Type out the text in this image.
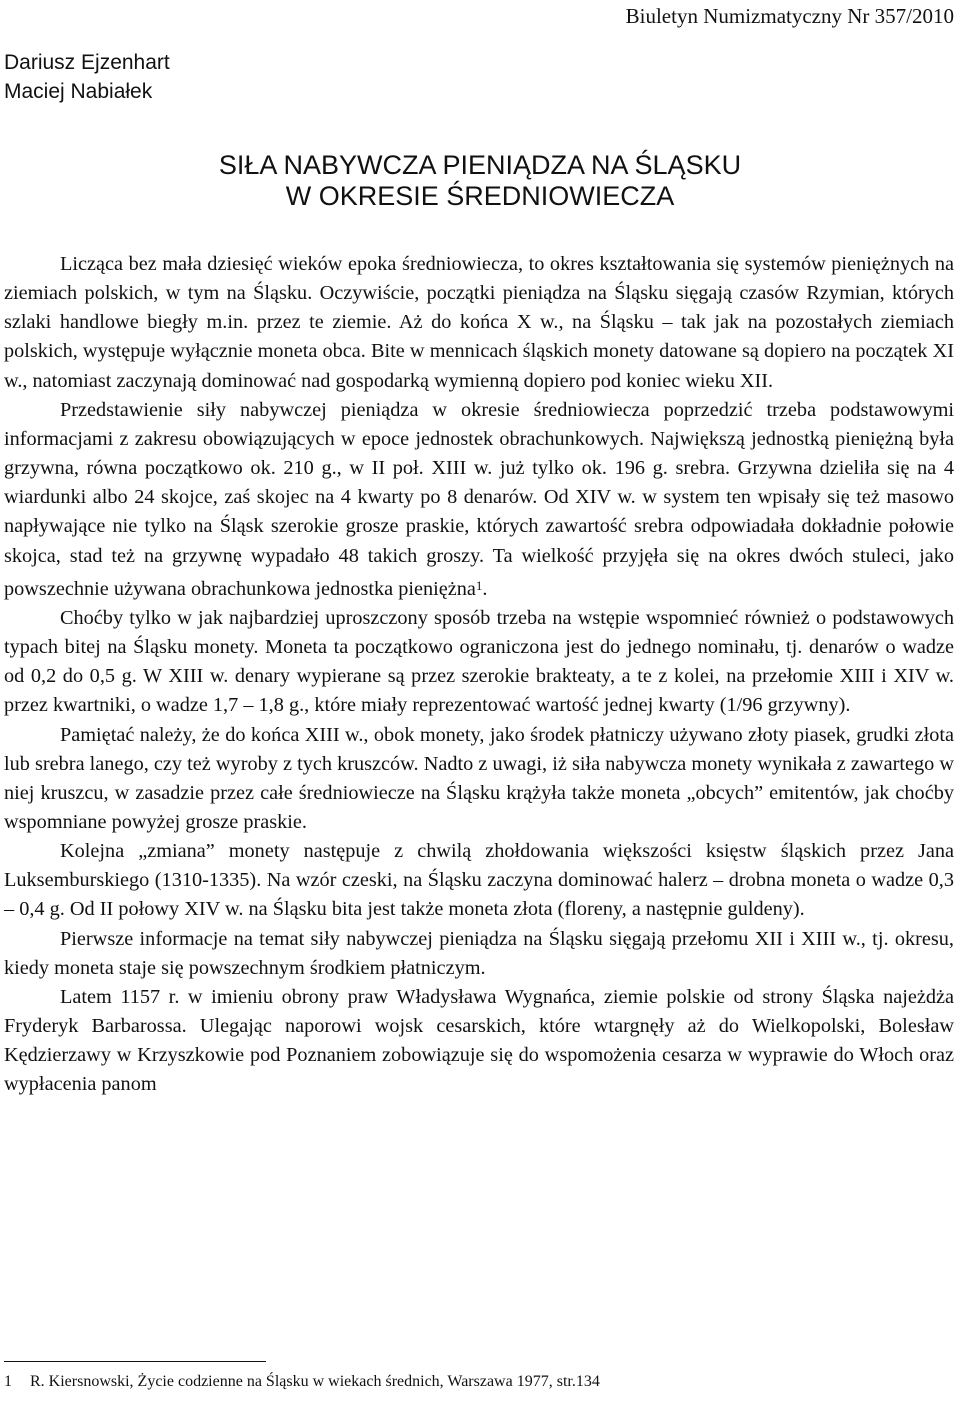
Biuletyn Numizmatyczny Nr 357/2010
Dariusz Ejzenhart
Maciej Nabiałek
SIŁA NABYWCZA PIENIĄDZA NA ŚLĄSKU
W OKRESIE ŚREDNIOWIECZA

Licząca bez mała dziesięć wieków epoka średniowiecza, to okres kształtowania się systemów pieniężnych na ziemiach polskich, w tym na Śląsku. Oczywiście, początki pieniądza na Śląsku sięgają czasów Rzymian, których szlaki handlowe biegły m.in. przez te ziemie. Aż do końca X w., na Śląsku – tak jak na pozostałych ziemiach polskich, występuje wyłącznie moneta obca. Bite w mennicach śląskich monety datowane są dopiero na początek XI w., natomiast zaczynają dominować nad gospodarką wymienną dopiero pod koniec wieku XII.

Przedstawienie siły nabywczej pieniądza w okresie średniowiecza poprzedzić trzeba podstawowymi informacjami z zakresu obowiązujących w epoce jednostek obrachunkowych. Największą jednostką pieniężną była grzywna, równa początkowo ok. 210 g., w II poł. XIII w. już tylko ok. 196 g. srebra. Grzywna dzieliła się na 4 wiardunki albo 24 skojce, zaś skojec na 4 kwarty po 8 denarów. Od XIV w. w system ten wpisały się też masowo napływające nie tylko na Śląsk szerokie grosze praskie, których zawartość srebra odpowiadała dokładnie połowie skojca, stad też na grzywnę wypadało 48 takich groszy. Ta wielkość przyjęła się na okres dwóch stuleci, jako powszechnie używana obrachunkowa jednostka pieniężna$^1$.

Choćby tylko w jak najbardziej uproszczony sposób trzeba na wstępie wspomnieć również o podstawowych typach bitej na Śląsku monety. Moneta ta początkowo ograniczona jest do jednego nominału, tj. denarów o wadze od 0,2 do 0,5 g. W XIII w. denary wypierane są przez szerokie brakteaty, a te z kolei, na przełomie XIII i XIV w. przez kwartniki, o wadze 1,7 – 1,8 g., które miały reprezentować wartość jednej kwarty (1/96 grzywny).

Pamiętać należy, że do końca XIII w., obok monety, jako środek płatniczy używano złoty piasek, grudki złota lub srebra lanego, czy też wyroby z tych kruszców. Nadto z uwagi, iż siła nabywcza monety wynikała z zawartego w niej kruszcu, w zasadzie przez całe średniowiecze na Śląsku krążyła także moneta „obcych” emitentów, jak choćby wspomniane powyżej grosze praskie.

Kolejna „zmiana” monety następuje z chwilą zhołdowania większości księstw śląskich przez Jana Luksemburskiego (1310-1335). Na wzór czeski, na Śląsku zaczyna dominować halerz – drobna moneta o wadze 0,3 – 0,4 g. Od II połowy XIV w. na Śląsku bita jest także moneta złota (floreny, a następnie guldeny).

Pierwsze informacje na temat siły nabywczej pieniądza na Śląsku sięgają przełomu XII i XIII w., tj. okresu, kiedy moneta staje się powszechnym środkiem płatniczym.

Latem 1157 r. w imieniu obrony praw Władysława Wygnańca, ziemie polskie od strony Śląska najeżdża Fryderyk Barbarossa. Ulegając naporowi wojsk cesarskich, które wtargnęły aż do Wielkopolski, Bolesław Kędzierzawy w Krzyszkowie pod Poznaniem zobowiązuje się do wspomożenia cesarza w wyprawie do Włoch oraz wypłacenia panom

1 R. Kiersnowski, Życie codzienne na Śląsku w wiekach średnich, Warszawa 1977, str.134
